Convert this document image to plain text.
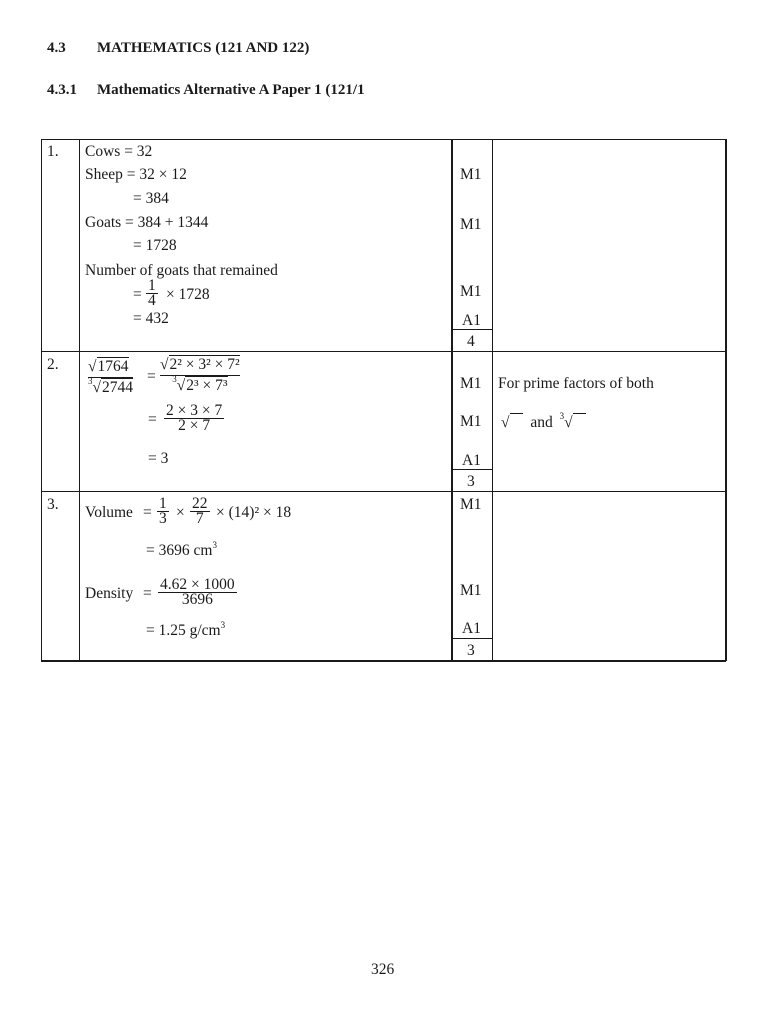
4.3 MATHEMATICS (121 AND 122)
4.3.1 Mathematics Alternative A Paper 1 (121/1
1. Cows = 32
Sheep = 32 × 12
= 384
Goats = 384 + 1344
= 1728
Number of goats that remained
= $\frac{1}{4} \times 1728$
= 432
M1
M1
M1
A1
4
2. √1764
$^3$√2744
=
√2² × 3² × 7²
$^3$√2³ × 7³
= $\frac{2 \times 3 \times 7}{2 \times 7}$
= 3
M1
M1
A1
3
For prime factors of both
√ and $^3$√
3. Volume = $\frac{1}{3} \times \frac{22}{7} \times (14)^2 \times 18$
= 3696 $cm^3$
Density = $\frac{4.62 \times 1000}{3696}$
= 1.25 $g/cm^3$
M1
M1
A1
3
326
